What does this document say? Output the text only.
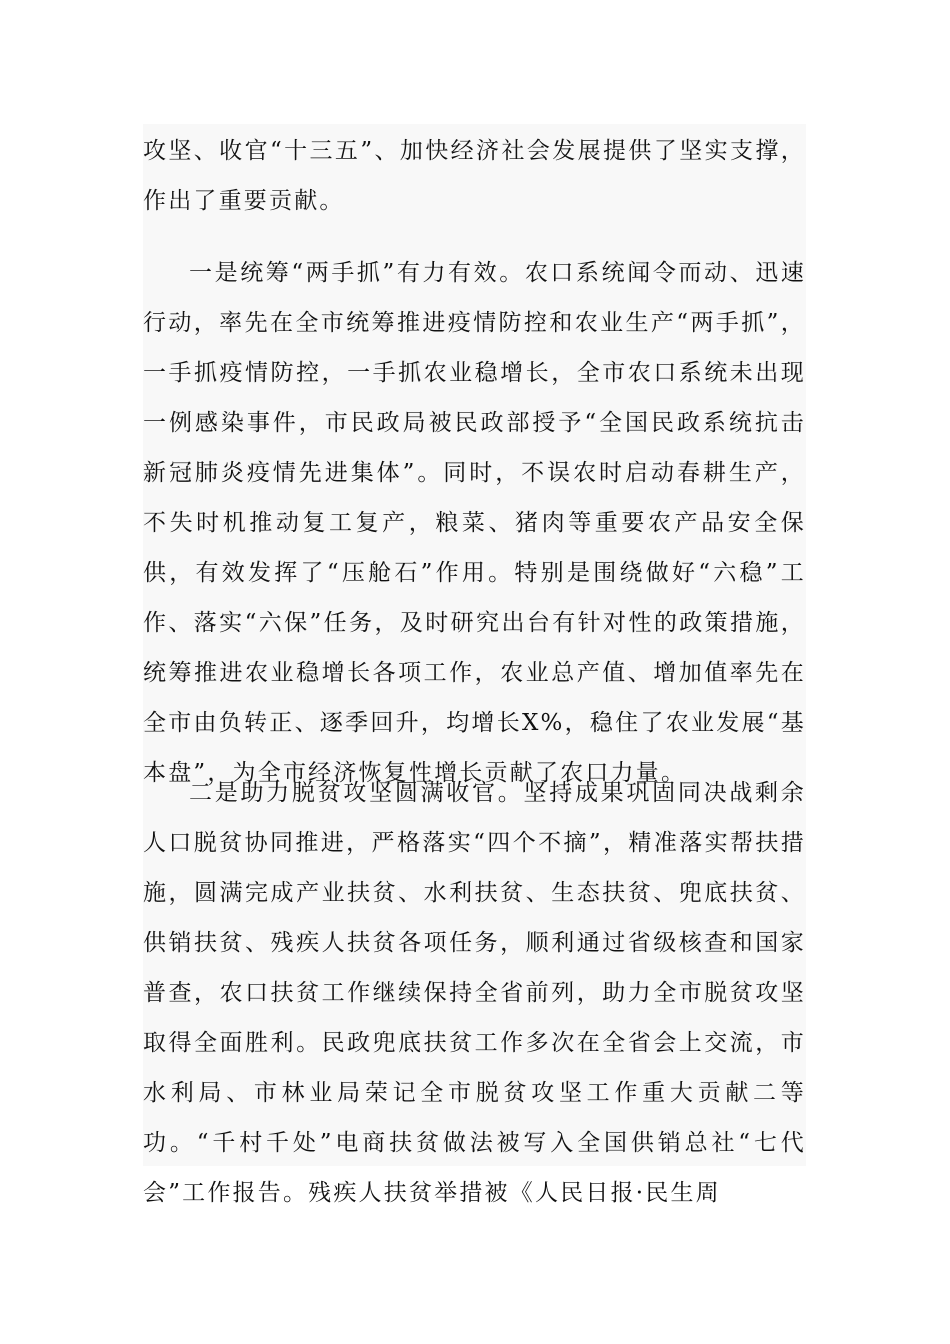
攻坚、收官“十三五”、加快经济社会发展提供了坚实支撑，作出了重要贡献。

一是统筹“两手抓”有力有效。农口系统闻令而动、迅速行动，率先在全市统筹推进疫情防控和农业生产“两手抓”，一手抓疫情防控，一手抓农业稳增长，全市农口系统未出现一例感染事件，市民政局被民政部授予“全国民政系统抗击新冠肺炎疫情先进集体”。同时，不误农时启动春耕生产，不失时机推动复工复产，粮菜、猪肉等重要农产品安全保供，有效发挥了“压舱石”作用。特别是围绕做好“六稳”工作、落实“六保”任务，及时研究出台有针对性的政策措施，统筹推进农业稳增长各项工作，农业总产值、增加值率先在全市由负转正、逐季回升，均增长X%，稳住了农业发展“基本盘”，为全市经济恢复性增长贡献了农口力量。

二是助力脱贫攻坚圆满收官。坚持成果巩固同决战剩余人口脱贫协同推进，严格落实“四个不摘”，精准落实帮扶措施，圆满完成产业扶贫、水利扶贫、生态扶贫、兜底扶贫、供销扶贫、残疾人扶贫各项任务，顺利通过省级核查和国家普查，农口扶贫工作继续保持全省前列，助力全市脱贫攻坚取得全面胜利。民政兜底扶贫工作多次在全省会上交流，市水利局、市林业局荣记全市脱贫攻坚工作重大贡献二等功。“千村千处”电商扶贫做法被写入全国供销总社“七代会”工作报告。残疾人扶贫举措被《人民日报·民生周
